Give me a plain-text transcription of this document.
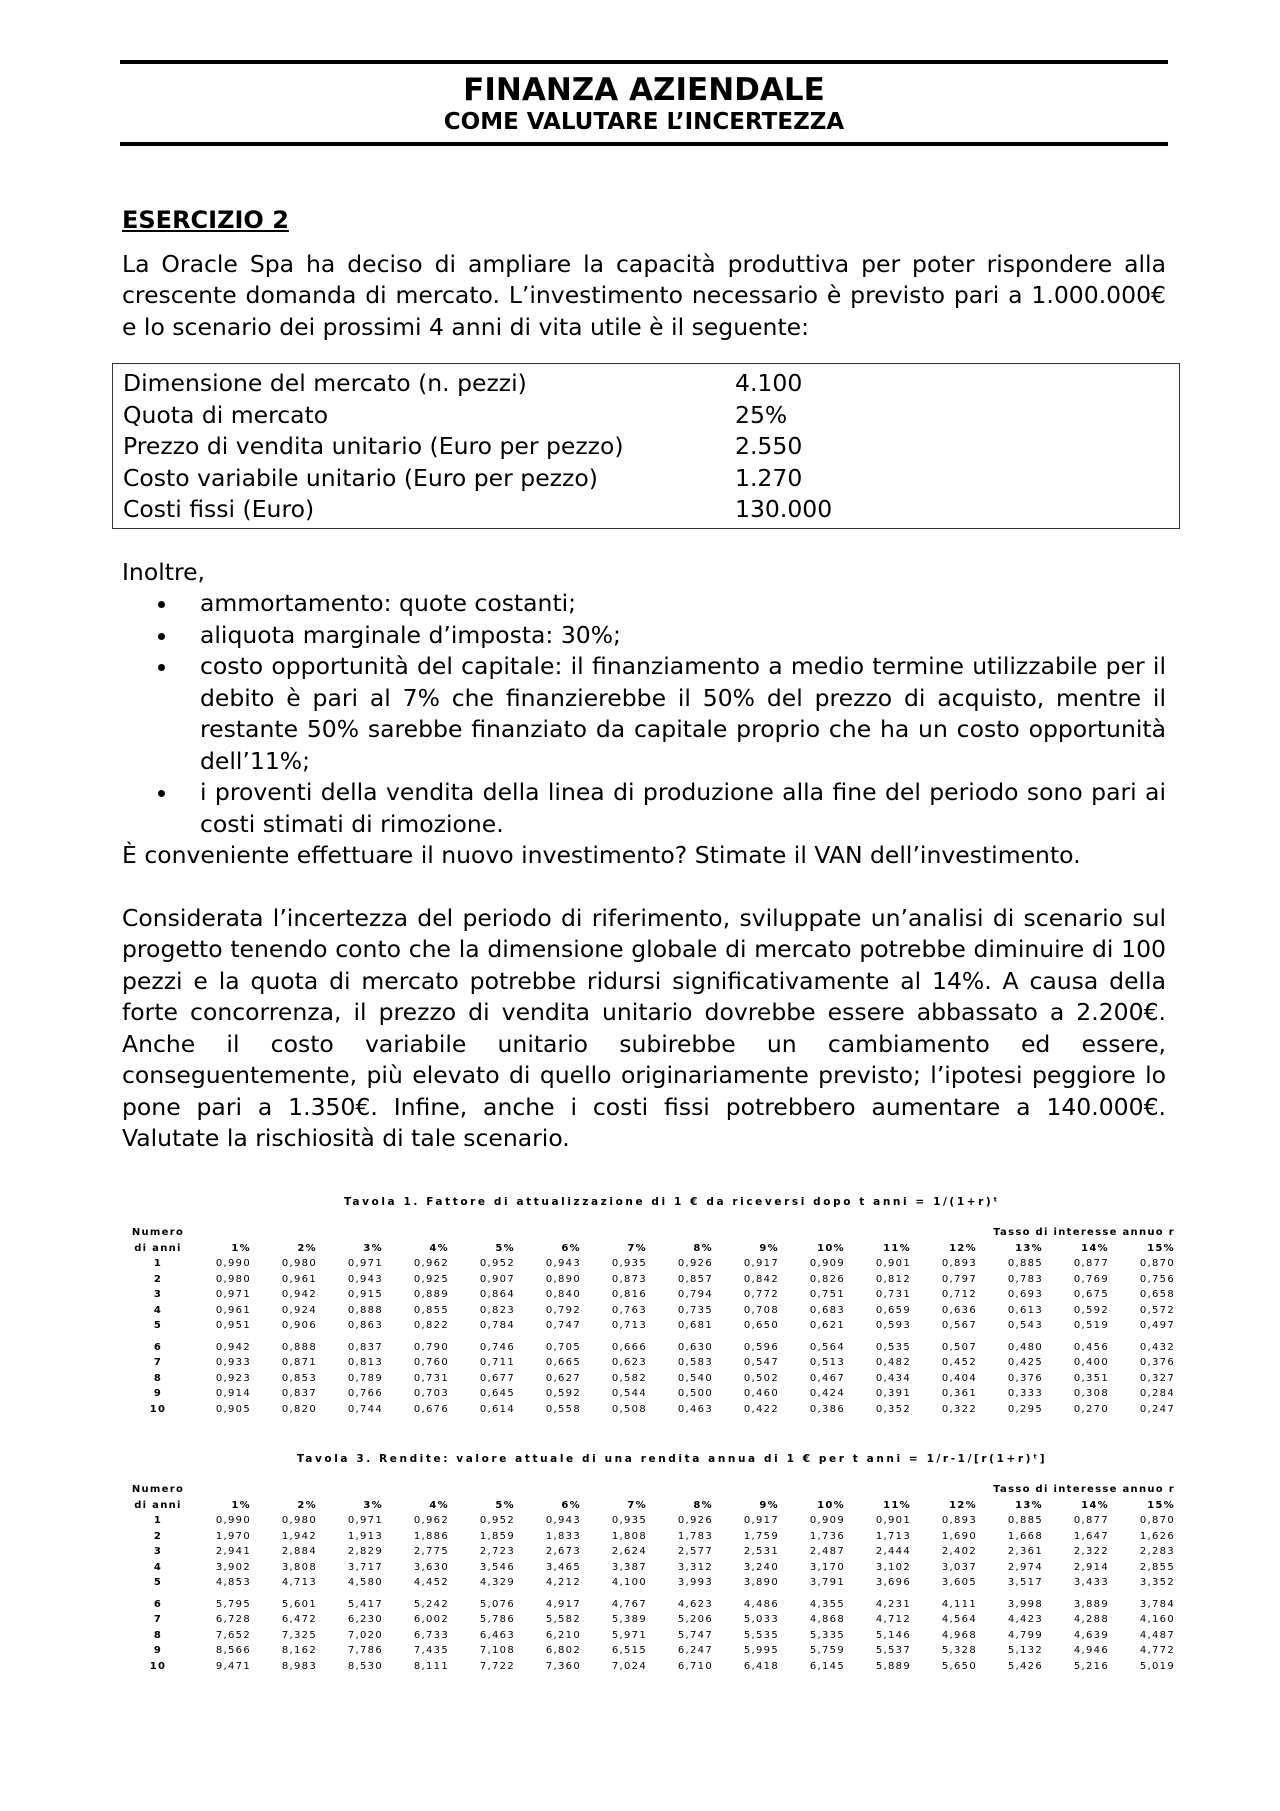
FINANZA AZIENDALE
COME VALUTARE L’INCERTEZZA
ESERCIZIO 2
La Oracle Spa ha deciso di ampliare la capacità produttiva per poter rispondere alla crescente domanda di mercato. L’investimento necessario è previsto pari a 1.000.000€ e lo scenario dei prossimi 4 anni di vita utile è il seguente:
Dimensione del mercato (n. pezzi)	4.100
Quota di mercato	25%
Prezzo di vendita unitario (Euro per pezzo)	2.550
Costo variabile unitario (Euro per pezzo)	1.270
Costi fissi (Euro)	130.000
Inoltre,
ammortamento: quote costanti;
aliquota marginale d’imposta: 30%;
costo opportunità del capitale: il finanziamento a medio termine utilizzabile per il debito è pari al 7% che finanzierebbe il 50% del prezzo di acquisto, mentre il restante 50% sarebbe finanziato da capitale proprio che ha un costo opportunità dell’11%;
i proventi della vendita della linea di produzione alla fine del periodo sono pari ai costi stimati di rimozione.
È conveniente effettuare il nuovo investimento? Stimate il VAN dell’investimento.
Considerata l’incertezza del periodo di riferimento, sviluppate un’analisi di scenario sul progetto tenendo conto che la dimensione globale di mercato potrebbe diminuire di 100 pezzi e la quota di mercato potrebbe ridursi significativamente al 14%. A causa della forte concorrenza, il prezzo di vendita unitario dovrebbe essere abbassato a 2.200€. Anche il costo variabile unitario subirebbe un cambiamento ed essere, conseguentemente, più elevato di quello originariamente previsto; l’ipotesi peggiore lo pone pari a 1.350€. Infine, anche i costi fissi potrebbero aumentare a 140.000€. Valutate la rischiosità di tale scenario.
Tavola 1. Fattore di attualizzazione di 1 € da riceversi dopo t anni = 1/(1+r)ᵗ
Numero	Tasso di interesse annuo r														
di anni	1%	2%	3%	4%	5%	6%	7%	8%	9%	10%	11%	12%	13%	14%	15%
1	0,990	0,980	0,971	0,962	0,952	0,943	0,935	0,926	0,917	0,909	0,901	0,893	0,885	0,877	0,870
2	0,980	0,961	0,943	0,925	0,907	0,890	0,873	0,857	0,842	0,826	0,812	0,797	0,783	0,769	0,756
3	0,971	0,942	0,915	0,889	0,864	0,840	0,816	0,794	0,772	0,751	0,731	0,712	0,693	0,675	0,658
4	0,961	0,924	0,888	0,855	0,823	0,792	0,763	0,735	0,708	0,683	0,659	0,636	0,613	0,592	0,572
5	0,951	0,906	0,863	0,822	0,784	0,747	0,713	0,681	0,650	0,621	0,593	0,567	0,543	0,519	0,497

6	0,942	0,888	0,837	0,790	0,746	0,705	0,666	0,630	0,596	0,564	0,535	0,507	0,480	0,456	0,432
7	0,933	0,871	0,813	0,760	0,711	0,665	0,623	0,583	0,547	0,513	0,482	0,452	0,425	0,400	0,376
8	0,923	0,853	0,789	0,731	0,677	0,627	0,582	0,540	0,502	0,467	0,434	0,404	0,376	0,351	0,327
9	0,914	0,837	0,766	0,703	0,645	0,592	0,544	0,500	0,460	0,424	0,391	0,361	0,333	0,308	0,284
10	0,905	0,820	0,744	0,676	0,614	0,558	0,508	0,463	0,422	0,386	0,352	0,322	0,295	0,270	0,247
Tavola 3. Rendite: valore attuale di una rendita annua di 1 € per t anni = 1/r-1/[r(1+r)ᵗ]
Numero	Tasso di interesse annuo r														
di anni	1%	2%	3%	4%	5%	6%	7%	8%	9%	10%	11%	12%	13%	14%	15%
1	0,990	0,980	0,971	0,962	0,952	0,943	0,935	0,926	0,917	0,909	0,901	0,893	0,885	0,877	0,870
2	1,970	1,942	1,913	1,886	1,859	1,833	1,808	1,783	1,759	1,736	1,713	1,690	1,668	1,647	1,626
3	2,941	2,884	2,829	2,775	2,723	2,673	2,624	2,577	2,531	2,487	2,444	2,402	2,361	2,322	2,283
4	3,902	3,808	3,717	3,630	3,546	3,465	3,387	3,312	3,240	3,170	3,102	3,037	2,974	2,914	2,855
5	4,853	4,713	4,580	4,452	4,329	4,212	4,100	3,993	3,890	3,791	3,696	3,605	3,517	3,433	3,352

6	5,795	5,601	5,417	5,242	5,076	4,917	4,767	4,623	4,486	4,355	4,231	4,111	3,998	3,889	3,784
7	6,728	6,472	6,230	6,002	5,786	5,582	5,389	5,206	5,033	4,868	4,712	4,564	4,423	4,288	4,160
8	7,652	7,325	7,020	6,733	6,463	6,210	5,971	5,747	5,535	5,335	5,146	4,968	4,799	4,639	4,487
9	8,566	8,162	7,786	7,435	7,108	6,802	6,515	6,247	5,995	5,759	5,537	5,328	5,132	4,946	4,772
10	9,471	8,983	8,530	8,111	7,722	7,360	7,024	6,710	6,418	6,145	5,889	5,650	5,426	5,216	5,019
